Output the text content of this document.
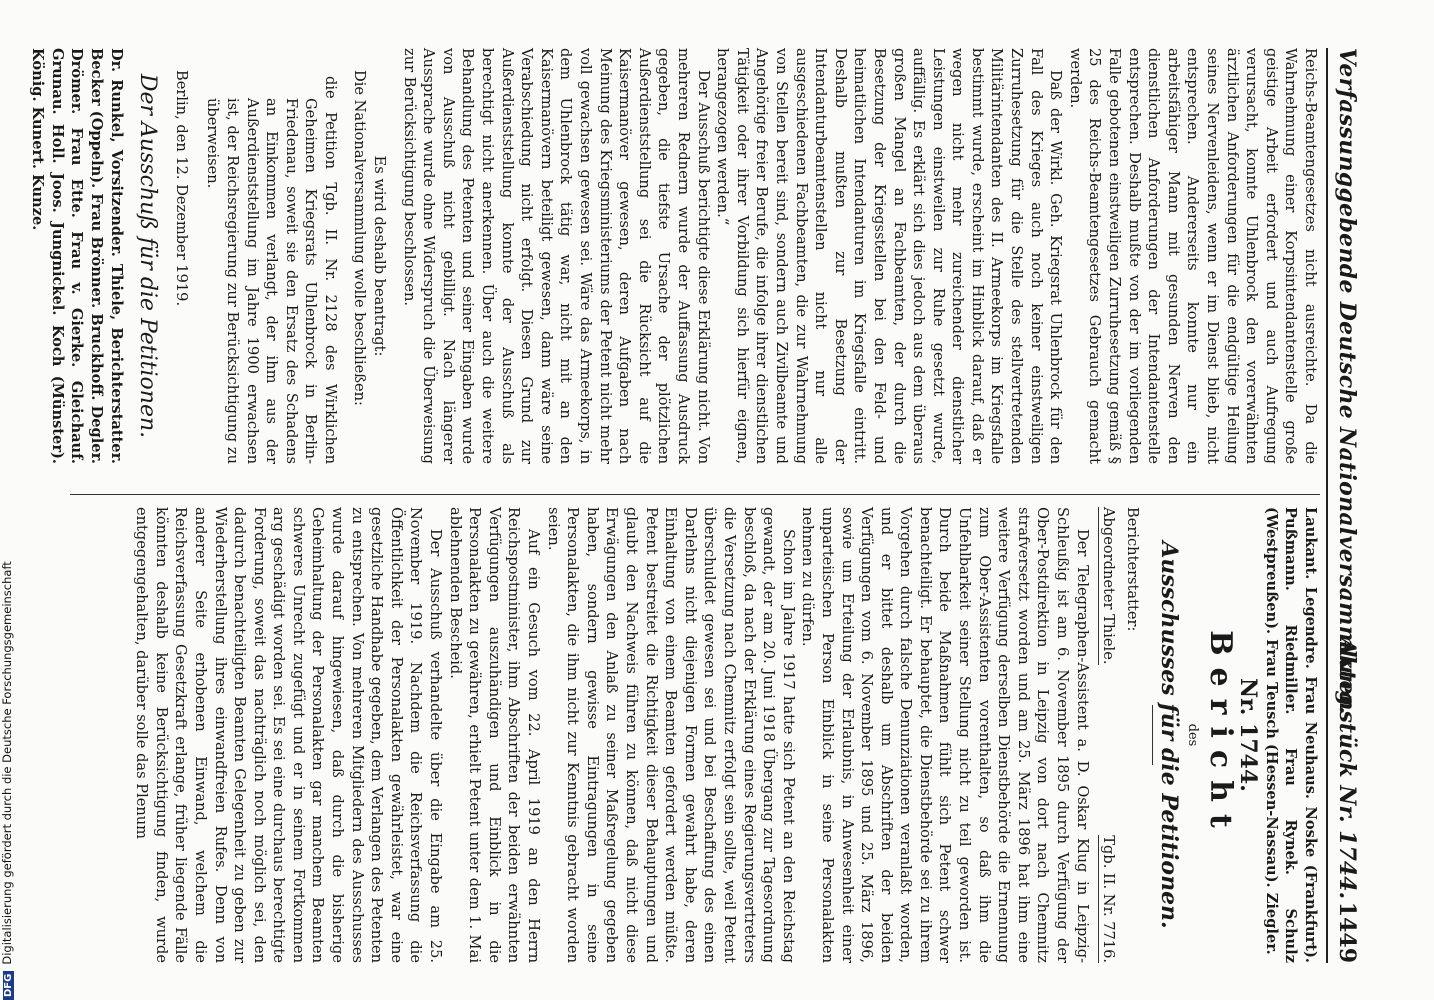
Verfassunggebende Deutsche Nationalversammlung.
Aktenstück Nr. 1744.
1449

Reichs-Beamtengesetzes nicht ausreichte. Da die Wahrnehmung einer Korpsintendantenstelle große geistige Arbeit erfordert und auch Aufregung verursacht, konnte Uhlenbrock den vorerwähnten ärztlichen Anforderungen für die endgültige Heilung seines Nervenleidens, wenn er im Dienst blieb, nicht entsprechen. Andererseits konnte nur ein arbeitsfähiger Mann mit gesunden Nerven den dienstlichen Anforderungen der Intendantenstelle entsprechen. Deshalb mußte von der im vorliegenden Falle gebotenen einstweiligen Zurruhesetzung gemäß § 25 des Reichs-Beamtengesetzes Gebrauch gemacht werden.

Daß der Wirkl. Geh. Kriegsrat Uhlenbrock für den Fall des Krieges auch noch keiner einstweiligen Zurruhesetzung für die Stelle des stellvertretenden Militärintendanten des II. Armeekorps im Kriegsfalle bestimmt wurde, erscheint im Hinblick darauf, daß er wegen nicht mehr zureichender dienstlicher Leistungen einstweilen zur Ruhe gesetzt wurde, auffällig. Es erklärt sich dies jedoch aus dem überaus großen Mangel an Fachbeamten, der durch die Besetzung der Kriegsstellen bei den Feld- und heimatlichen Intendanturen im Kriegsfalle eintritt. Deshalb mußten zur Besetzung der Intendanturbeamtenstellen nicht nur alle ausgeschiedenen Fachbeamten, die zur Wahrnehmung von Stellen bereit sind, sondern auch Zivilbeamte und Angehörige freier Berufe, die infolge ihrer dienstlichen Tätigkeit oder ihrer Vorbildung sich hierfür eignen, herangezogen werden.“

Der Ausschuß berichtigte diese Erklärung nicht. Von mehreren Rednern wurde der Auffassung Ausdruck gegeben, die tiefste Ursache der plötzlichen Außerdienststellung sei die Rücksicht auf die Kaisermanöver gewesen, deren Aufgaben nach Meinung des Kriegsministeriums der Petent nicht mehr voll gewachsen gewesen sei. Wäre das Armeekorps, in dem Uhlenbrock tätig war, nicht mit an den Kaisermanövern beteiligt gewesen, dann wäre seine Verabschiedung nicht erfolgt. Diesen Grund zur Außerdienststellung konnte der Ausschuß als berechtigt nicht anerkennen. Über auch die weitere Behandlung des Petenten und seiner Eingaben wurde von Ausschuß nicht gebilligt. Nach längerer Aussprache wurde ohne Widerspruch die Überweisung zur Berücksichtigung beschlossen.

Es wird deshalb beantragt:

Die Nationalversammlung wolle beschließen:

die Petition Tgb. II. Nr. 2128 des Wirklichen Geheimen Kriegsrats Uhlenbrock in Berlin-Friedenau, soweit sie den Ersatz des Schadens an Einkommen verlangt, der ihm aus der Außerdienststellung im Jahre 1900 erwachsen ist, der Reichsregierung zur Berücksichtigung zu überweisen.

Berlin, den 12. Dezember 1919.

Der Ausschuß für die Petitionen.

Dr. Runkel, Vorsitzender. Thiele, Berichterstatter. Becker (Oppeln). Frau Brönner. Bruckhoff. Degler. Drömer. Frau Ette. Frau v. Gierke. Gleichauf. Grunau. Holl. Joos. Jungnickel. Koch (Münster). König. Kunert. Kunze.

Laukant. Legendre. Frau Neuhaus. Noske (Frankfurt). Pußmann. Riedmiller. Frau Rynek. Schulz (Westpreußen). Frau Teusch (Hessen-Nassau). Ziegler.

Nr. 1744.
Bericht
des
Ausschusses für die Petitionen.
Berichterstatter:
Abgeordneter Thiele.
Tgb. II. Nr. 7716.

Der Telegraphen-Assistent a. D. Oskar Klug in Leipzig-Schleußig ist am 6. November 1895 durch Verfügung der Ober-Postdirektion in Leipzig von dort nach Chemnitz strafversetzt worden und am 25. März 1896 hat ihm eine weitere Verfügung derselben Dienstbehörde die Ernennung zum Ober-Assistenten vorenthalten, so daß ihm die Unfehlbarkeit seiner Stellung nicht zu teil geworden ist. Durch beide Maßnahmen fühlt sich Petent schwer benachteiligt. Er behauptet, die Dienstbehörde sei zu ihrem Vorgehen durch falsche Denunziationen veranlaßt worden, und er bittet deshalb um Abschriften der beiden Verfügungen vom 6. November 1895 und 25. März 1896, sowie um Erteilung der Erlaubnis, in Anwesenheit einer unparteiischen Person Einblick in seine Personalakten nehmen zu dürfen.

Schon im Jahre 1917 hatte sich Petent an den Reichstag gewandt, der am 20. Juni 1918 Übergang zur Tagesordnung beschloß, da nach der Erklärung eines Regierungsvertreters die Versetzung nach Chemnitz erfolgt sein sollte, weil Petent überschuldet gewesen sei und bei Beschaffung des einen Darlehns nicht diejenigen Formen gewahrt habe, deren Einhaltung von einem Beamten gefordert werden müßte. Petent bestreitet die Richtigkeit dieser Behauptungen und glaubt den Nachweis führen zu können, daß nicht diese Erwägungen den Anlaß zu seiner Maßregelung gegeben haben, sondern gewisse Eintragungen in seine Personalakten, die ihm nicht zur Kenntnis gebracht worden seien.

Auf ein Gesuch vom 22. April 1919 an den Herrn Reichspostminister, ihm Abschriften der beiden erwähnten Verfügungen auszuhändigen und Einblick in die Personalakten zu gewähren, erhielt Petent unter dem 1. Mai ablehnenden Bescheid.

Der Ausschuß verhandelte über die Eingabe am 25. November 1919. Nachdem die Reichsverfassung die Öffentlichkeit der Personalakten gewährleistet, war eine gesetzliche Handhabe gegeben, dem Verlangen des Petenten zu entsprechen. Von mehreren Mitgliedern des Ausschusses wurde darauf hingewiesen, daß durch die bisherige Geheimhaltung der Personalakten gar manchem Beamten schweres Unrecht zugefügt und er in seinem Fortkommen arg geschädigt worden sei. Es sei eine durchaus berechtigte Forderung, soweit das nachträglich noch möglich sei, den dadurch benachteiligten Beamten Gelegenheit zu geben zur Wiederherstellung ihres einwandfreien Rufes. Denn von anderer Seite erhobenen Einwand, welchem die Reichsverfassung Gesetzkraft erlange, früher liegende Fälle könnten deshalb keine Berücksichtigung finden, wurde entgegengehalten, darüber solle das Plenum

DFGDigitalisierung gefördert durch die Deutsche Forschungsgemeinschaft
